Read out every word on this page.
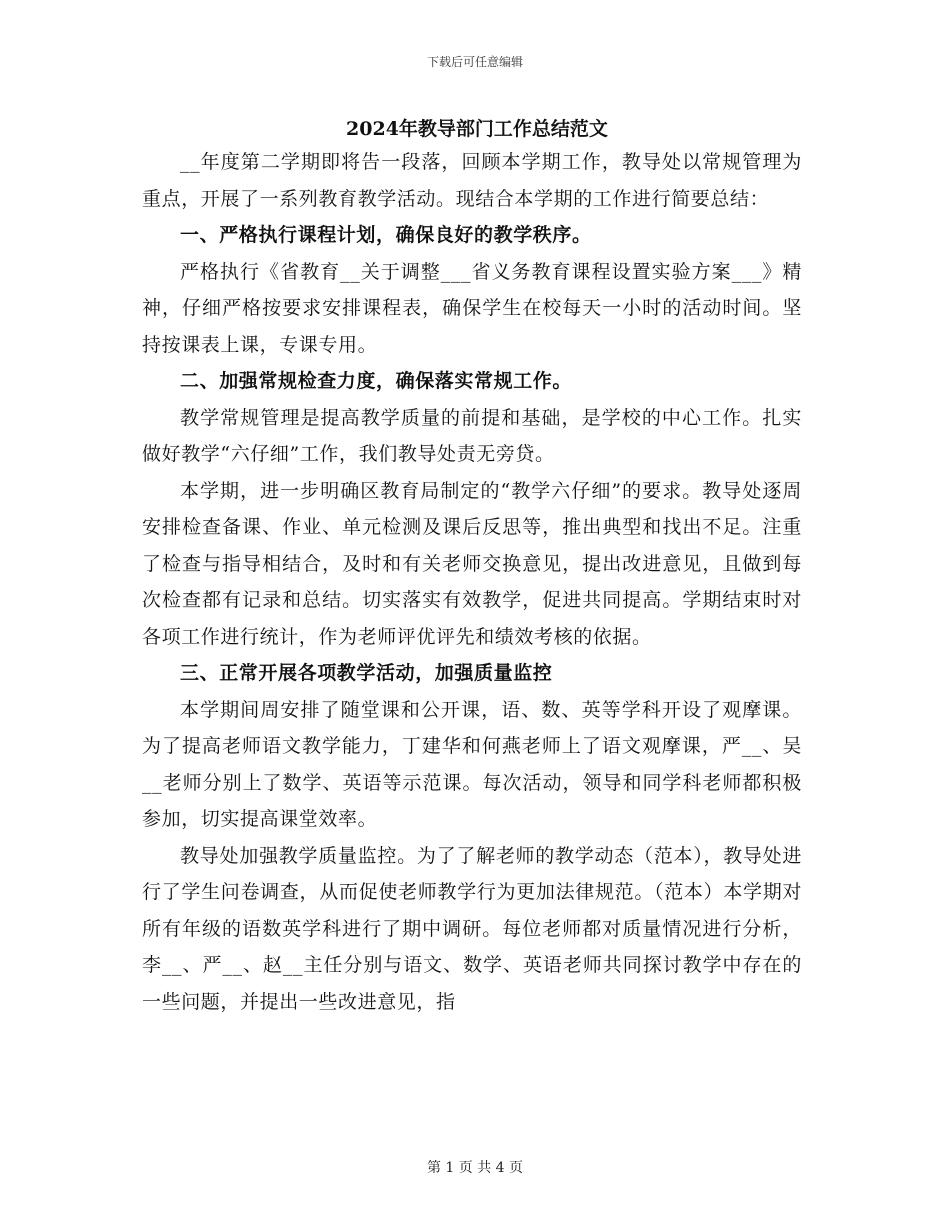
下载后可任意编辑
2024年教导部门工作总结范文

__年度第二学期即将告一段落，回顾本学期工作，教导处以常规管理为重点，开展了一系列教育教学活动。现结合本学期的工作进行简要总结：

一、严格执行课程计划，确保良好的教学秩序。

严格执行《省教育__关于调整___省义务教育课程设置实验方案___》精神，仔细严格按要求安排课程表，确保学生在校每天一小时的活动时间。坚持按课表上课，专课专用。

二、加强常规检查力度，确保落实常规工作。

教学常规管理是提高教学质量的前提和基础，是学校的中心工作。扎实做好教学“六仔细”工作，我们教导处责无旁贷。

本学期，进一步明确区教育局制定的“教学六仔细”的要求。教导处逐周安排检查备课、作业、单元检测及课后反思等，推出典型和找出不足。注重了检查与指导相结合，及时和有关老师交换意见，提出改进意见，且做到每次检查都有记录和总结。切实落实有效教学，促进共同提高。学期结束时对各项工作进行统计，作为老师评优评先和绩效考核的依据。

三、正常开展各项教学活动，加强质量监控

本学期间周安排了随堂课和公开课，语、数、英等学科开设了观摩课。为了提高老师语文教学能力，丁建华和何燕老师上了语文观摩课，严__、吴__老师分别上了数学、英语等示范课。每次活动，领导和同学科老师都积极参加，切实提高课堂效率。

教导处加强教学质量监控。为了了解老师的教学动态（范本），教导处进行了学生问卷调查，从而促使老师教学行为更加法律规范。（范本）本学期对所有年级的语数英学科进行了期中调研。每位老师都对质量情况进行分析，李__、严__、赵__主任分别与语文、数学、英语老师共同探讨教学中存在的一些问题，并提出一些改进意见，指

第 1 页 共 4 页
